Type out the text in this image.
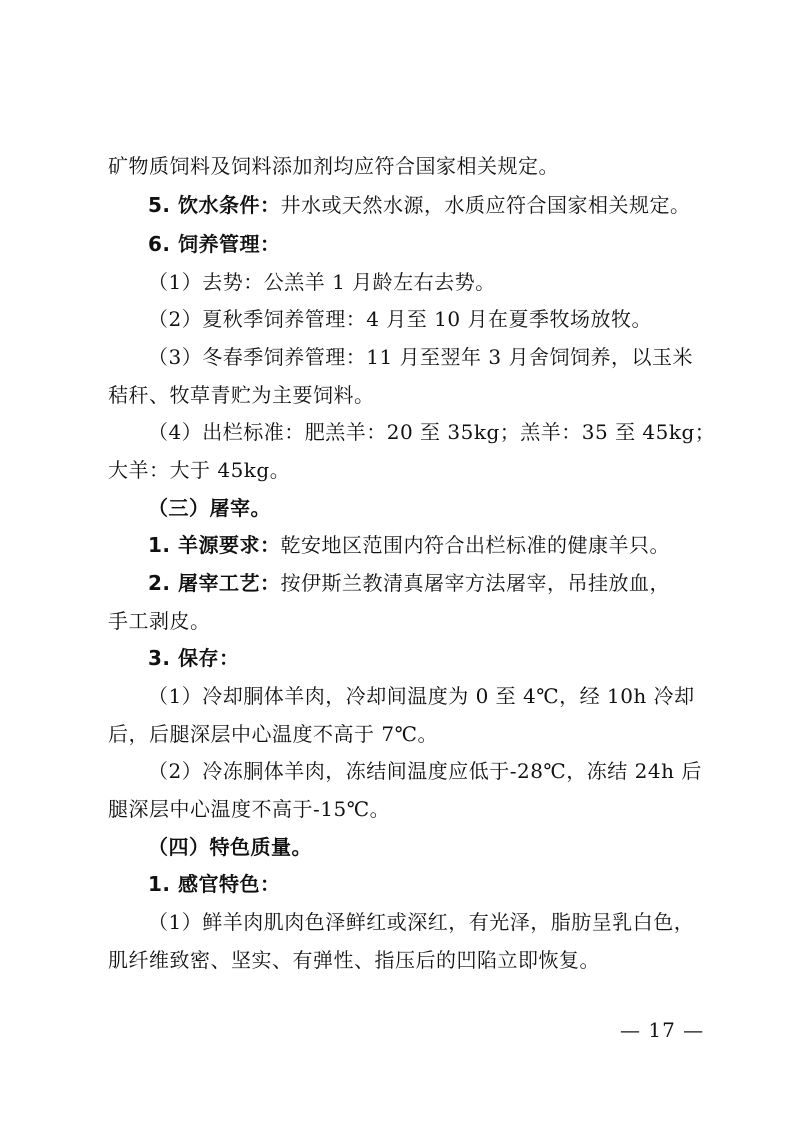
矿物质饲料及饲料添加剂均应符合国家相关规定。
5. 饮水条件：井水或天然水源，水质应符合国家相关规定。
6. 饲养管理：
（1）去势：公羔羊 1 月龄左右去势。
（2）夏秋季饲养管理：4 月至 10 月在夏季牧场放牧。
（3）冬春季饲养管理：11 月至翌年 3 月舍饲饲养，以玉米
秸秆、牧草青贮为主要饲料。
（4）出栏标准：肥羔羊：20 至 35kg；羔羊：35 至 45kg；
大羊：大于 45kg。
（三）屠宰。
1. 羊源要求：乾安地区范围内符合出栏标准的健康羊只。
2. 屠宰工艺：按伊斯兰教清真屠宰方法屠宰，吊挂放血，
手工剥皮。
3. 保存：
（1）冷却胴体羊肉，冷却间温度为 0 至 4℃，经 10h 冷却
后，后腿深层中心温度不高于 7℃。
（2）冷冻胴体羊肉，冻结间温度应低于-28℃，冻结 24h 后
腿深层中心温度不高于-15℃。
（四）特色质量。
1. 感官特色：
（1）鲜羊肉肌肉色泽鲜红或深红，有光泽，脂肪呈乳白色，
肌纤维致密、坚实、有弹性、指压后的凹陷立即恢复。
— 17 —
